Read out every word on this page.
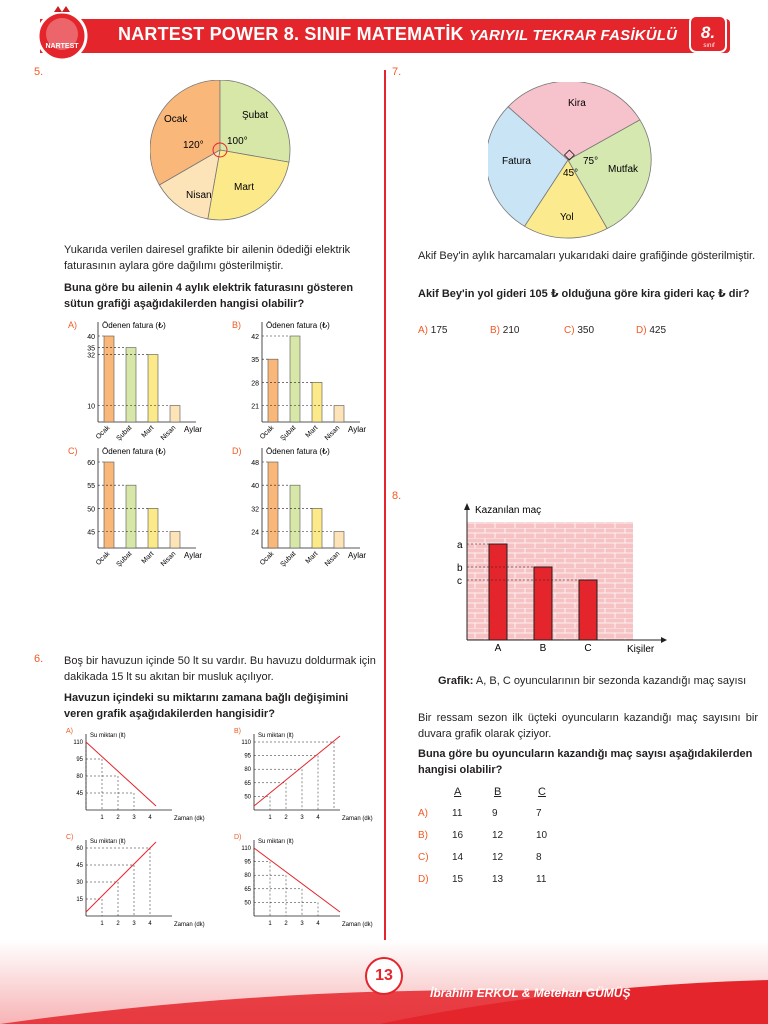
NARTEST
NARTEST POWER 8. SINIF MATEMATİK YARIYIL TEKRAR FASİKÜLÜ 8.
sınıf
5.
Ocak	Şubat
Mart
Nisan
120° 100°
Yukarıda verilen dairesel grafikte bir ailenin ödediği elektrik faturasının aylara göre dağılımı gösterilmiştir.
Buna göre bu ailenin 4 aylık elektrik faturasını gösteren sütun grafiği aşağıdakilerden hangisi olabilir?
A)	Ödenen fatura (₺)
Aylar
40
35
32
10
Ocak Şubat Mart Nisan
B)	Ödenen fatura (₺)
Aylar
42
35
28
21
Ocak Şubat Mart Nisan
C)	Ödenen fatura (₺)
Aylar
60
55
50
45
Ocak Şubat Mart Nisan
D)	Ödenen fatura (₺)
Aylar
48
40
32
24
Ocak Şubat Mart Nisan
6. Boş bir havuzun içinde 50 lt su vardır. Bu havuzu doldurmak için dakikada 15 lt su akıtan bir musluk açılıyor.
Havuzun içindeki su miktarını zamana bağlı değişimini veren grafik aşağıdakilerden hangisidir?
A)
Su miktarı (lt)
Zaman (dk)
1 2 3 4
110
95
80
45
B)
Su miktarı (lt)
Zaman (dk)
1 2 3 4
110
95
80
65
50
C)
Su miktarı (lt)
Zaman (dk)
1 2 3 4
60
45
30
15
D)
Su miktarı (lt)
Zaman (dk)
1 2 3 4
110
95
80
65
50
7.
Kira
Fatura
Mutfak
Yol
75°
45°
Akif Bey'in aylık harcamaları yukarıdaki daire grafiğinde gösterilmiştir.
Akif Bey'in yol gideri 105 ₺ olduğuna göre kira gideri kaç ₺ dir?
A) 175	B) 210	C) 350	D) 425
8.
Kazanılan maç
Kişiler
a
A
b
B
c
C
Grafik: A, B, C oyuncularının bir sezonda kazandığı maç sayısı
Bir ressam sezon ilk üçteki oyuncuların kazandığı maç sayısını bir duvara grafik olarak çiziyor.
Buna göre bu oyuncuların kazandığı maç sayısı aşağıdakilerden hangisi olabilir?
A	B	C
A) 11	9	7
B) 16	12	10
C) 14	12	8
D) 15	13	11
13
İbrahim ERKOL & Metehan GÜMÜŞ
